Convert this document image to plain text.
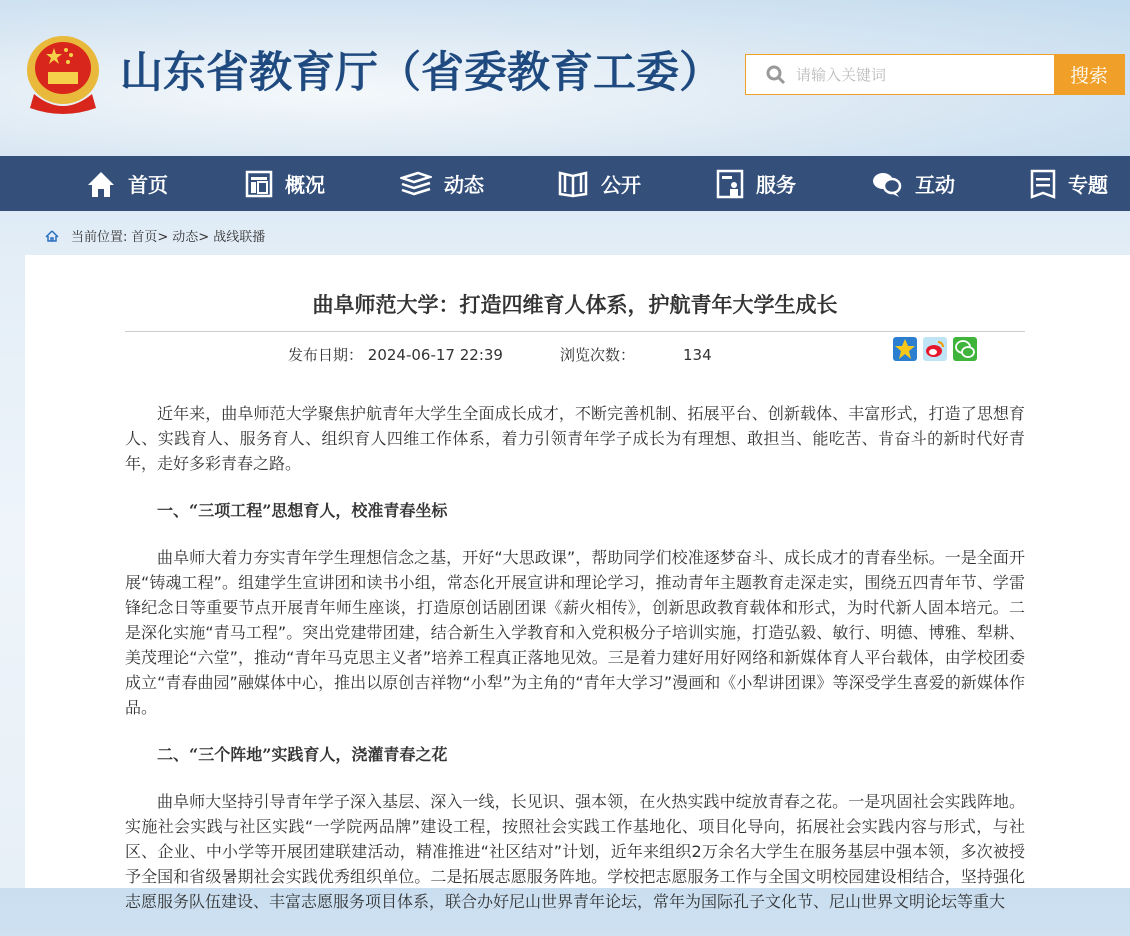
山东省教育厅（省委教育工委）	请输入关键词	搜索
首页	概况	动态	公开	服务	互动	专题
当前位置: 首页> 动态> 战线联播
曲阜师范大学：打造四维育人体系，护航青年大学生成长
发布日期： 2024-06-17 22:39	浏览次数：	134

近年来，曲阜师范大学聚焦护航青年大学生全面成长成才，不断完善机制、拓展平台、创新载体、丰富形式，打造了思想育人、实践育人、服务育人、组织育人四维工作体系，着力引领青年学子成长为有理想、敢担当、能吃苦、肯奋斗的新时代好青年，走好多彩青春之路。

一、“三项工程”思想育人，校准青春坐标

曲阜师大着力夯实青年学生理想信念之基，开好“大思政课”，帮助同学们校准逐梦奋斗、成长成才的青春坐标。一是全面开展“铸魂工程”。组建学生宣讲团和读书小组，常态化开展宣讲和理论学习，推动青年主题教育走深走实，围绕五四青年节、学雷锋纪念日等重要节点开展青年师生座谈，打造原创话剧团课《薪火相传》，创新思政教育载体和形式，为时代新人固本培元。二是深化实施“青马工程”。突出党建带团建，结合新生入学教育和入党积极分子培训实施，打造弘毅、敏行、明德、博雅、犁耕、美茂理论“六堂”，推动“青年马克思主义者”培养工程真正落地见效。三是着力建好用好网络和新媒体育人平台载体，由学校团委成立“青春曲园”融媒体中心，推出以原创吉祥物“小犁”为主角的“青年大学习”漫画和《小犁讲团课》等深受学生喜爱的新媒体作品。

二、“三个阵地”实践育人，浇灌青春之花

曲阜师大坚持引导青年学子深入基层、深入一线，长见识、强本领，在火热实践中绽放青春之花。一是巩固社会实践阵地。实施社会实践与社区实践“一学院两品牌”建设工程，按照社会实践工作基地化、项目化导向，拓展社会实践内容与形式，与社区、企业、中小学等开展团建联建活动，精准推进“社区结对”计划，近年来组织2万余名大学生在服务基层中强本领，多次被授予全国和省级暑期社会实践优秀组织单位。二是拓展志愿服务阵地。学校把志愿服务工作与全国文明校园建设相结合，坚持强化志愿服务队伍建设、丰富志愿服务项目体系，联合办好尼山世界青年论坛，常年为国际孔子文化节、尼山世界文明论坛等重大
